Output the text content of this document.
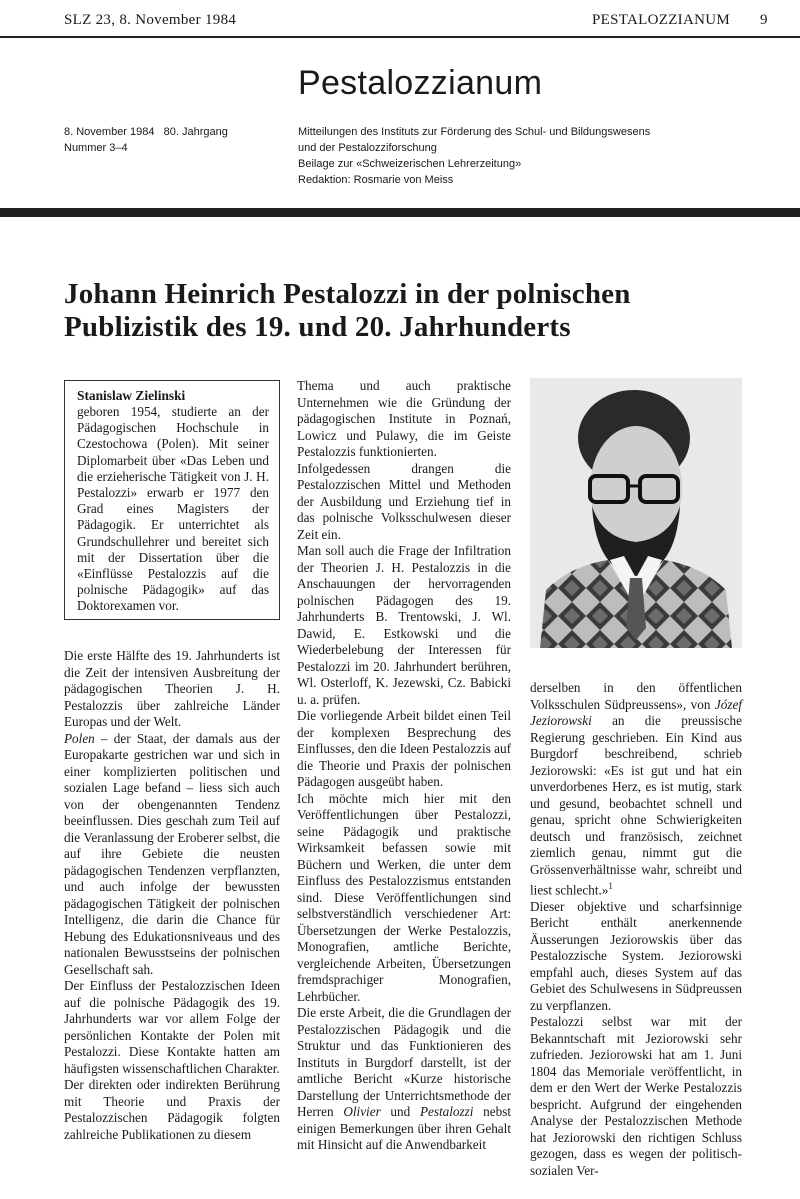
SLZ 23, 8. November 1984	PESTALOZZIANUM 9
Pestalozzianum
8. November 1984 80. Jahrgang
Nummer 3–4
Mitteilungen des Instituts zur Förderung des Schul- und Bildungswesens
und der Pestalozziforschung
Beilage zur «Schweizerischen Lehrerzeitung»
Redaktion: Rosmarie von Meiss
Johann Heinrich Pestalozzi in der polnischen
Publizistik des 19. und 20. Jahrhunderts
Stanislaw Zielinski
geboren 1954, studierte an der Pädagogischen Hochschule in Czestochowa (Polen). Mit seiner Diplomarbeit über «Das Leben und die erzieherische Tätigkeit von J. H. Pestalozzi» erwarb er 1977 den Grad eines Magisters der Pädagogik. Er unterrichtet als Grundschullehrer und bereitet sich mit der Dissertation über die «Einflüsse Pestalozzis auf die polnische Pädagogik» auf das Doktorexamen vor.

Die erste Hälfte des 19. Jahrhunderts ist die Zeit der intensiven Ausbreitung der pädagogischen Theorien J. H. Pestalozzis über zahlreiche Länder Europas und der Welt.

Polen – der Staat, der damals aus der Europakarte gestrichen war und sich in einer komplizierten politischen und sozialen Lage befand – liess sich auch von der obengenannten Tendenz beeinflussen. Dies geschah zum Teil auf die Veranlassung der Eroberer selbst, die auf ihre Gebiete die neusten pädagogischen Tendenzen verpflanzten, und auch infolge der bewussten pädagogischen Tätigkeit der polnischen Intelligenz, die darin die Chance für Hebung des Edukationsniveaus und des nationalen Bewusstseins der polnischen Gesellschaft sah.

Der Einfluss der Pestalozzischen Ideen auf die polnische Pädagogik des 19. Jahrhunderts war vor allem Folge der persönlichen Kontakte der Polen mit Pestalozzi. Diese Kontakte hatten am häufigsten wissenschaftlichen Charakter.

Der direkten oder indirekten Berührung mit Theorie und Praxis der Pestalozzischen Pädagogik folgten zahlreiche Publikationen zu diesem

Thema und auch praktische Unternehmen wie die Gründung der pädagogischen Institute in Poznań, Lowicz und Pulawy, die im Geiste Pestalozzis funktionierten.

Infolgedessen drangen die Pestalozzischen Mittel und Methoden der Ausbildung und Erziehung tief in das polnische Volksschulwesen dieser Zeit ein.

Man soll auch die Frage der Infiltration der Theorien J. H. Pestalozzis in die Anschauungen der hervorragenden polnischen Pädagogen des 19. Jahrhunderts B. Trentowski, J. Wl. Dawid, E. Estkowski und die Wiederbelebung der Interessen für Pestalozzi im 20. Jahrhundert berühren, Wl. Osterloff, K. Jezewski, Cz. Babicki u. a. prüfen.

Die vorliegende Arbeit bildet einen Teil der komplexen Besprechung des Einflusses, den die Ideen Pestalozzis auf die Theorie und Praxis der polnischen Pädagogen ausgeübt haben.

Ich möchte mich hier mit den Veröffentlichungen über Pestalozzi, seine Pädagogik und praktische Wirksamkeit befassen sowie mit Büchern und Werken, die unter dem Einfluss des Pestalozzismus entstanden sind. Diese Veröffentlichungen sind selbstverständlich verschiedener Art: Übersetzungen der Werke Pestalozzis, Monografien, amtliche Berichte, vergleichende Arbeiten, Übersetzungen fremdsprachiger Monografien, Lehrbücher.

Die erste Arbeit, die die Grundlagen der Pestalozzischen Pädagogik und die Struktur und das Funktionieren des Instituts in Burgdorf darstellt, ist der amtliche Bericht «Kurze historische Darstellung der Unterrichtsmethode der Herren Olivier und Pestalozzi nebst einigen Bemerkungen über ihren Gehalt mit Hinsicht auf die Anwendbarkeit

derselben in den öffentlichen Volksschulen Südpreussens», von Józef Jeziorowski an die preussische Regierung geschrieben. Ein Kind aus Burgdorf beschreibend, schrieb Jeziorowski: «Es ist gut und hat ein unverdorbenes Herz, es ist mutig, stark und gesund, beobachtet schnell und genau, spricht ohne Schwierigkeiten deutsch und französisch, zeichnet ziemlich genau, nimmt gut die Grössenverhältnisse wahr, schreibt und liest schlecht.»$^1$

Dieser objektive und scharfsinnige Bericht enthält anerkennende Äusserungen Jeziorowskis über das Pestalozzische System. Jeziorowski empfahl auch, dieses System auf das Gebiet des Schulwesens in Südpreussen zu verpflanzen.

Pestalozzi selbst war mit der Bekanntschaft mit Jeziorowski sehr zufrieden. Jeziorowski hat am 1. Juni 1804 das Memoriale veröffentlicht, in dem er den Wert der Werke Pestalozzis bespricht. Aufgrund der eingehenden Analyse der Pestalozzischen Methode hat Jeziorowski den richtigen Schluss gezogen, dass es wegen der politisch-sozialen Ver-
